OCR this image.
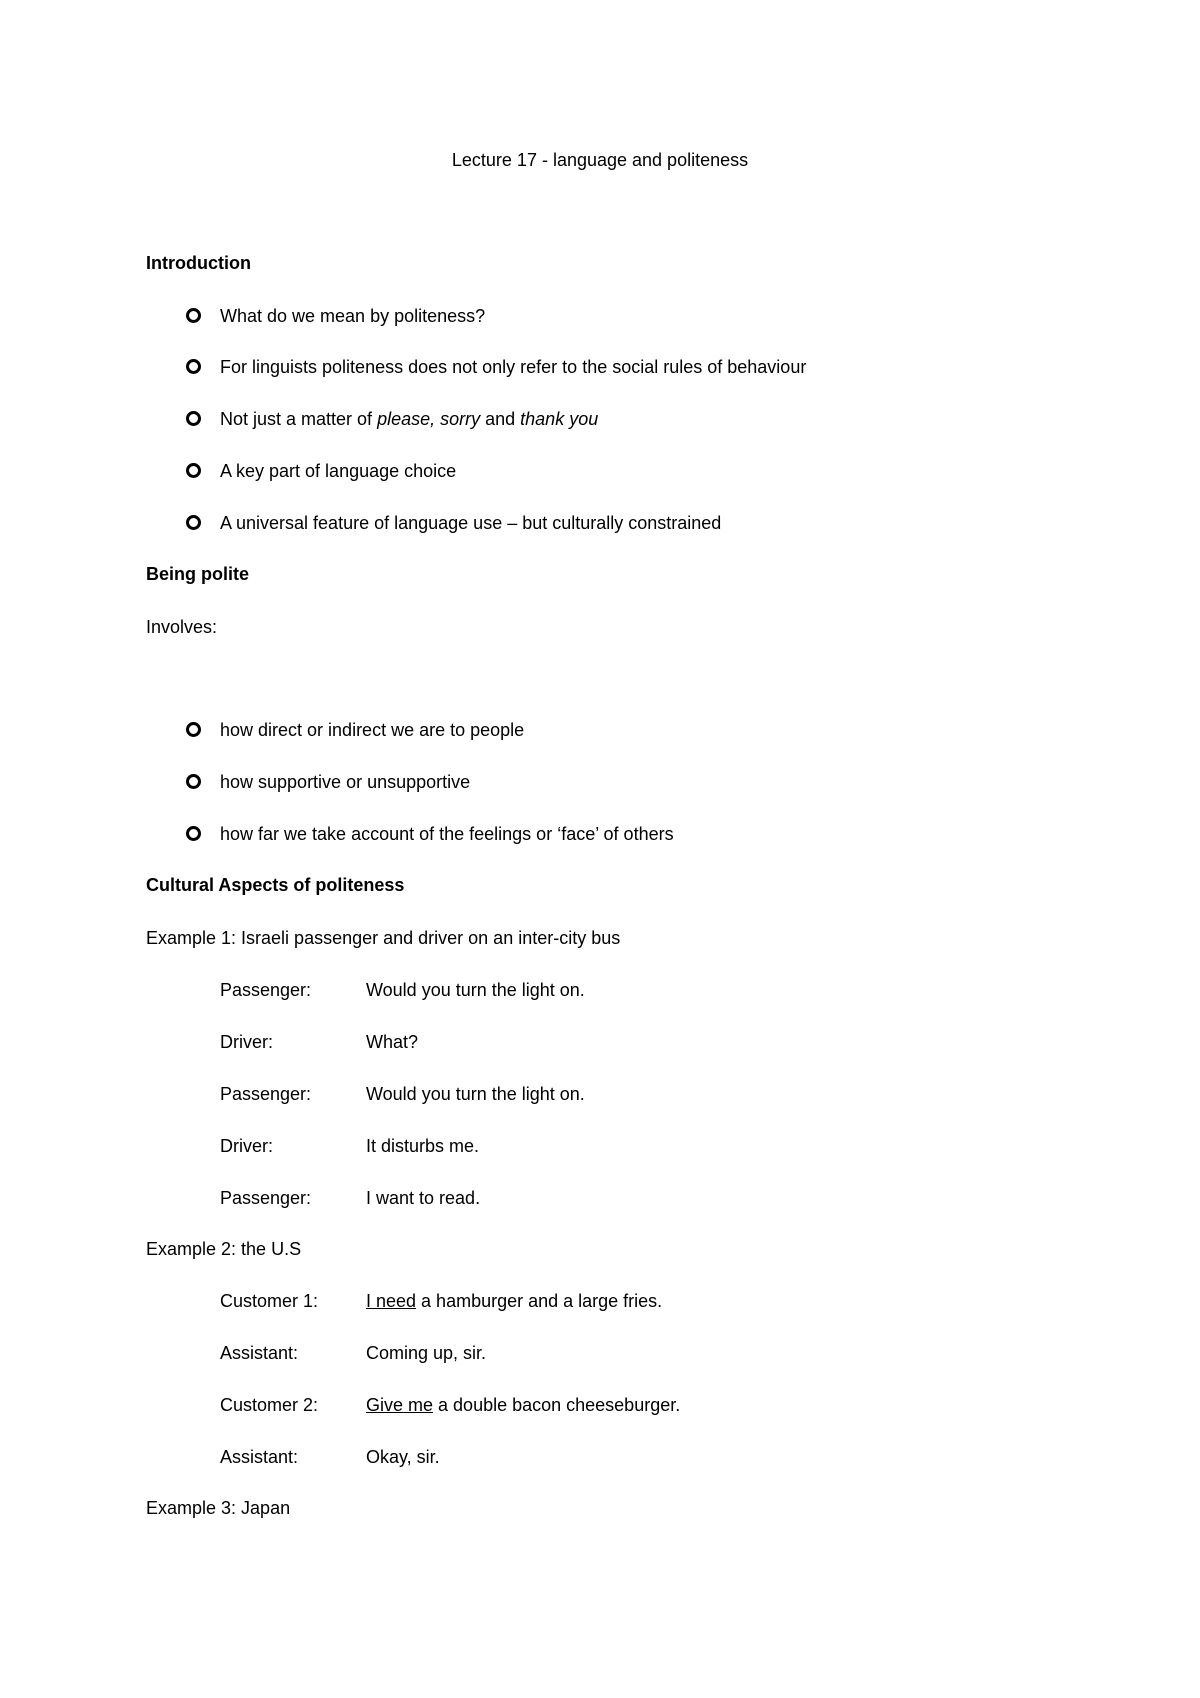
Lecture 17 - language and politeness
Introduction
What do we mean by politeness?
For linguists politeness does not only refer to the social rules of behaviour
Not just a matter of please, sorry and thank you
A key part of language choice
A universal feature of language use – but culturally constrained
Being polite
Involves:
how direct or indirect we are to people
how supportive or unsupportive
how far we take account of the feelings or ‘face’ of others
Cultural Aspects of politeness
Example 1: Israeli passenger and driver on an inter-city bus
Passenger:	Would you turn the light on.
Driver:	What?
Passenger:	Would you turn the light on.
Driver:	It disturbs me.
Passenger:	I want to read.
Example 2: the U.S
Customer 1:	I need a hamburger and a large fries.
Assistant:	Coming up, sir.
Customer 2:	Give me a double bacon cheeseburger.
Assistant:	Okay, sir.
Example 3: Japan
